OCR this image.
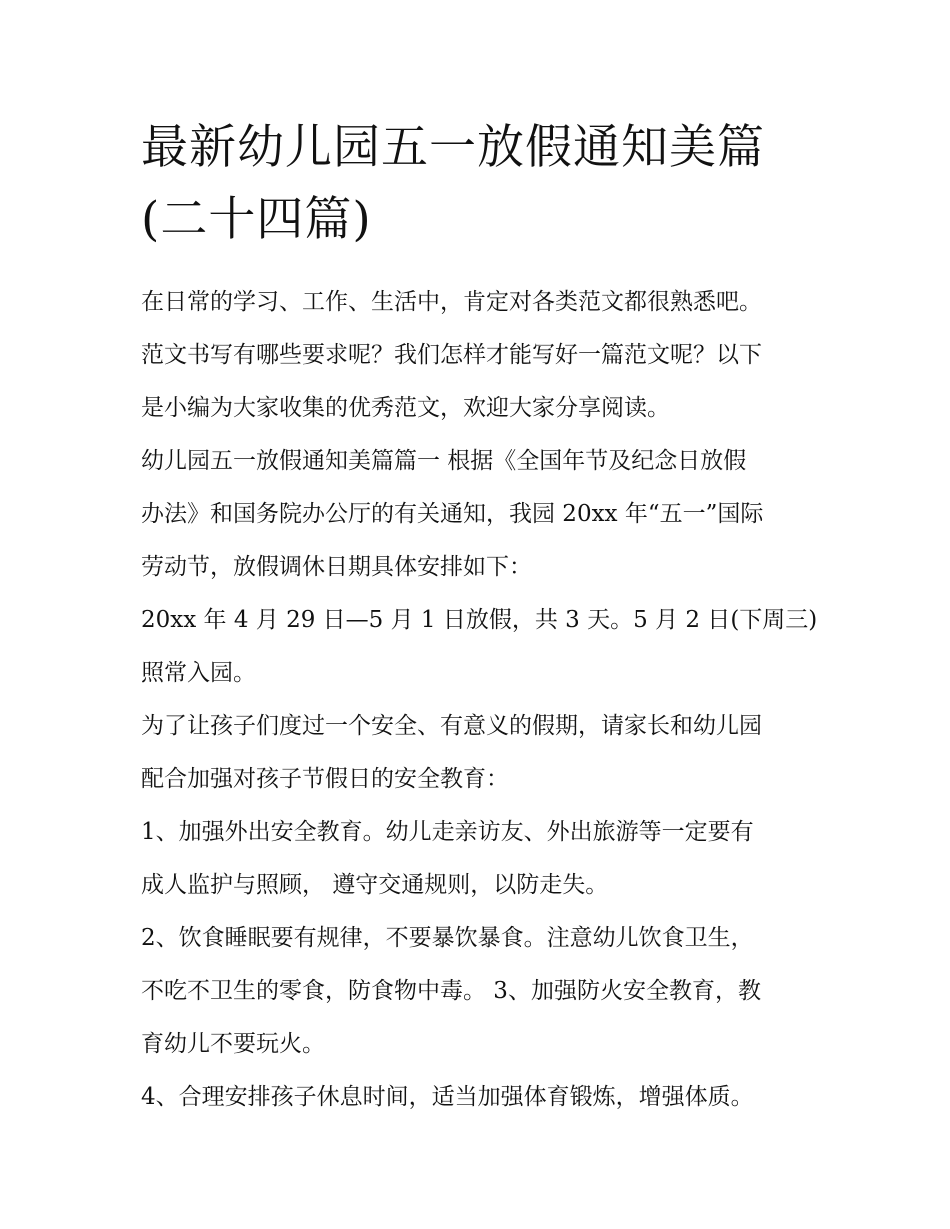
最新幼儿园五一放假通知美篇
(二十四篇)

在日常的学习、工作、生活中，肯定对各类范文都很熟悉吧。
范文书写有哪些要求呢？我们怎样才能写好一篇范文呢？以下
是小编为大家收集的优秀范文，欢迎大家分享阅读。

幼儿园五一放假通知美篇篇一 根据《全国年节及纪念日放假
办法》和国务院办公厅的有关通知，我园 20xx 年“五一”国际
劳动节，放假调休日期具体安排如下：

20xx 年 4 月 29 日—5 月 1 日放假，共 3 天。5 月 2 日(下周三)
照常入园。

为了让孩子们度过一个安全、有意义的假期，请家长和幼儿园
配合加强对孩子节假日的安全教育：

1、加强外出安全教育。幼儿走亲访友、外出旅游等一定要有
成人监护与照顾， 遵守交通规则，以防走失。

2、饮食睡眠要有规律，不要暴饮暴食。注意幼儿饮食卫生，
不吃不卫生的零食，防食物中毒。 3、加强防火安全教育，教
育幼儿不要玩火。

4、合理安排孩子休息时间，适当加强体育锻炼，增强体质。
